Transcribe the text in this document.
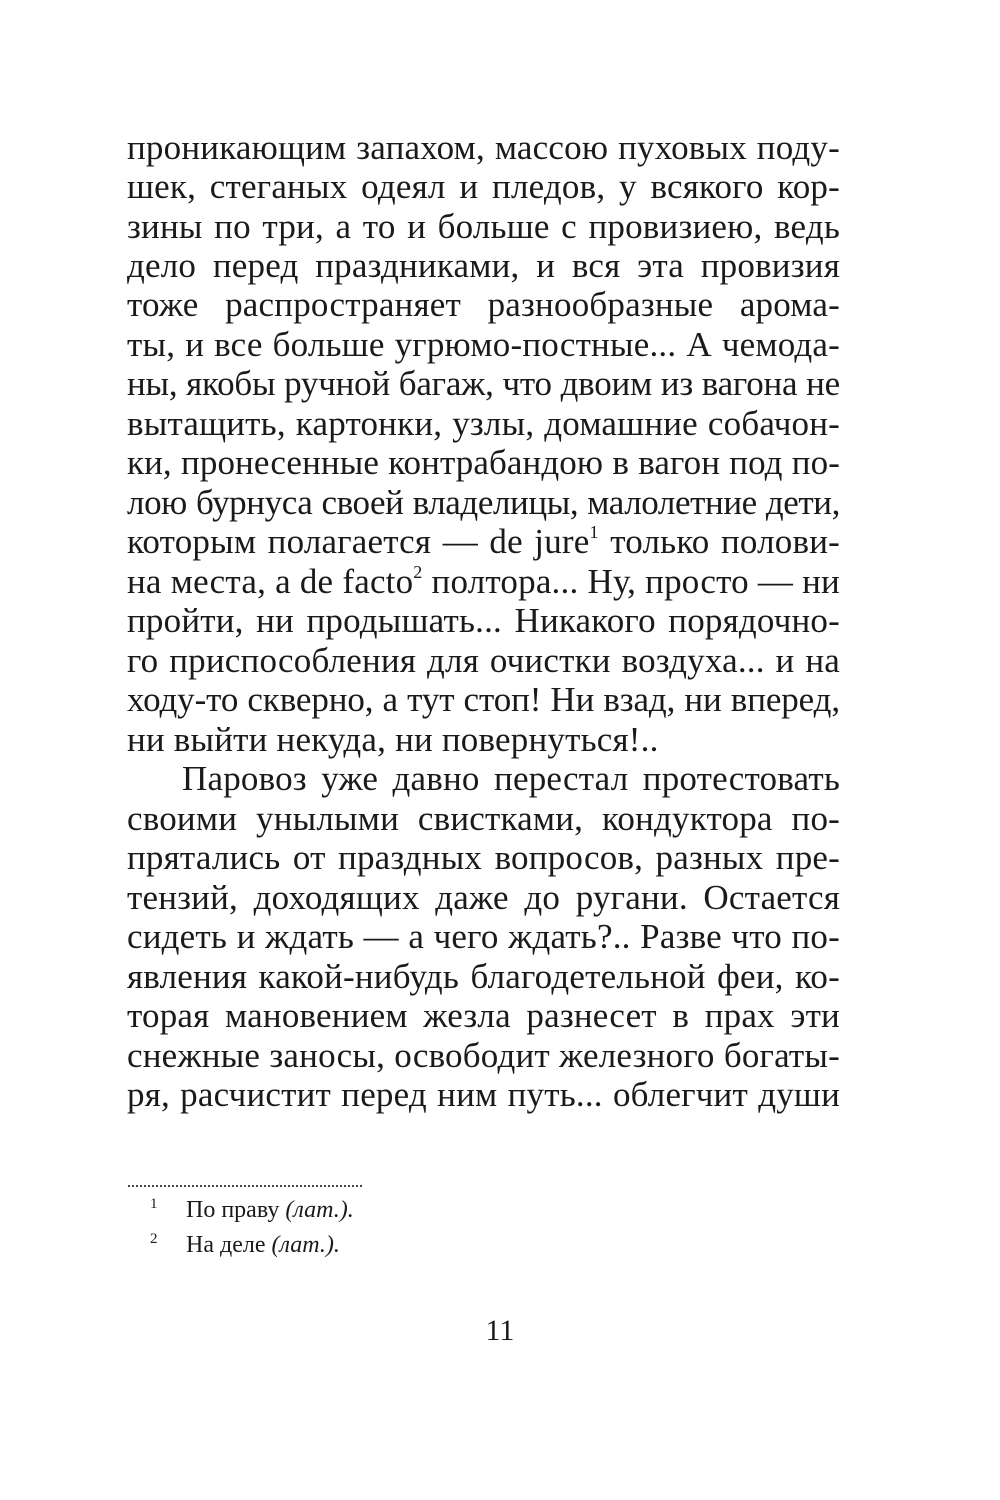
проникающим запахом, массою пуховых поду-
шек, стеганых одеял и пледов, у всякого кор-
зины по три, а то и больше с провизиею, ведь
дело перед праздниками, и вся эта провизия
тоже распространяет разнообразные арома-
ты, и все больше угрюмо-постные... А чемода-
ны, якобы ручной багаж, что двоим из вагона не
вытащить, картонки, узлы, домашние собачон-
ки, пронесенные контрабандою в вагон под по-
лою бурнуса своей владелицы, малолетние дети,
которым полагается — de jure$^1$ только полови-
на места, а de facto$^2$ полтора... Ну, просто — ни
пройти, ни продышать... Никакого порядочно-
го приспособления для очистки воздуха... и на
ходу-то скверно, а тут стоп! Ни взад, ни вперед,
ни выйти некуда, ни повернуться!..
Паровоз уже давно перестал протестовать
своими унылыми свистками, кондуктора по-
прятались от праздных вопросов, разных пре-
тензий, доходящих даже до ругани. Остается
сидеть и ждать — а чего ждать?.. Разве что по-
явления какой-нибудь благодетельной феи, ко-
торая мановением жезла разнесет в прах эти
снежные заносы, освободит железного богаты-
ря, расчистит перед ним путь... облегчит души
1 По праву (лат.).
2 На деле (лат.).
11
